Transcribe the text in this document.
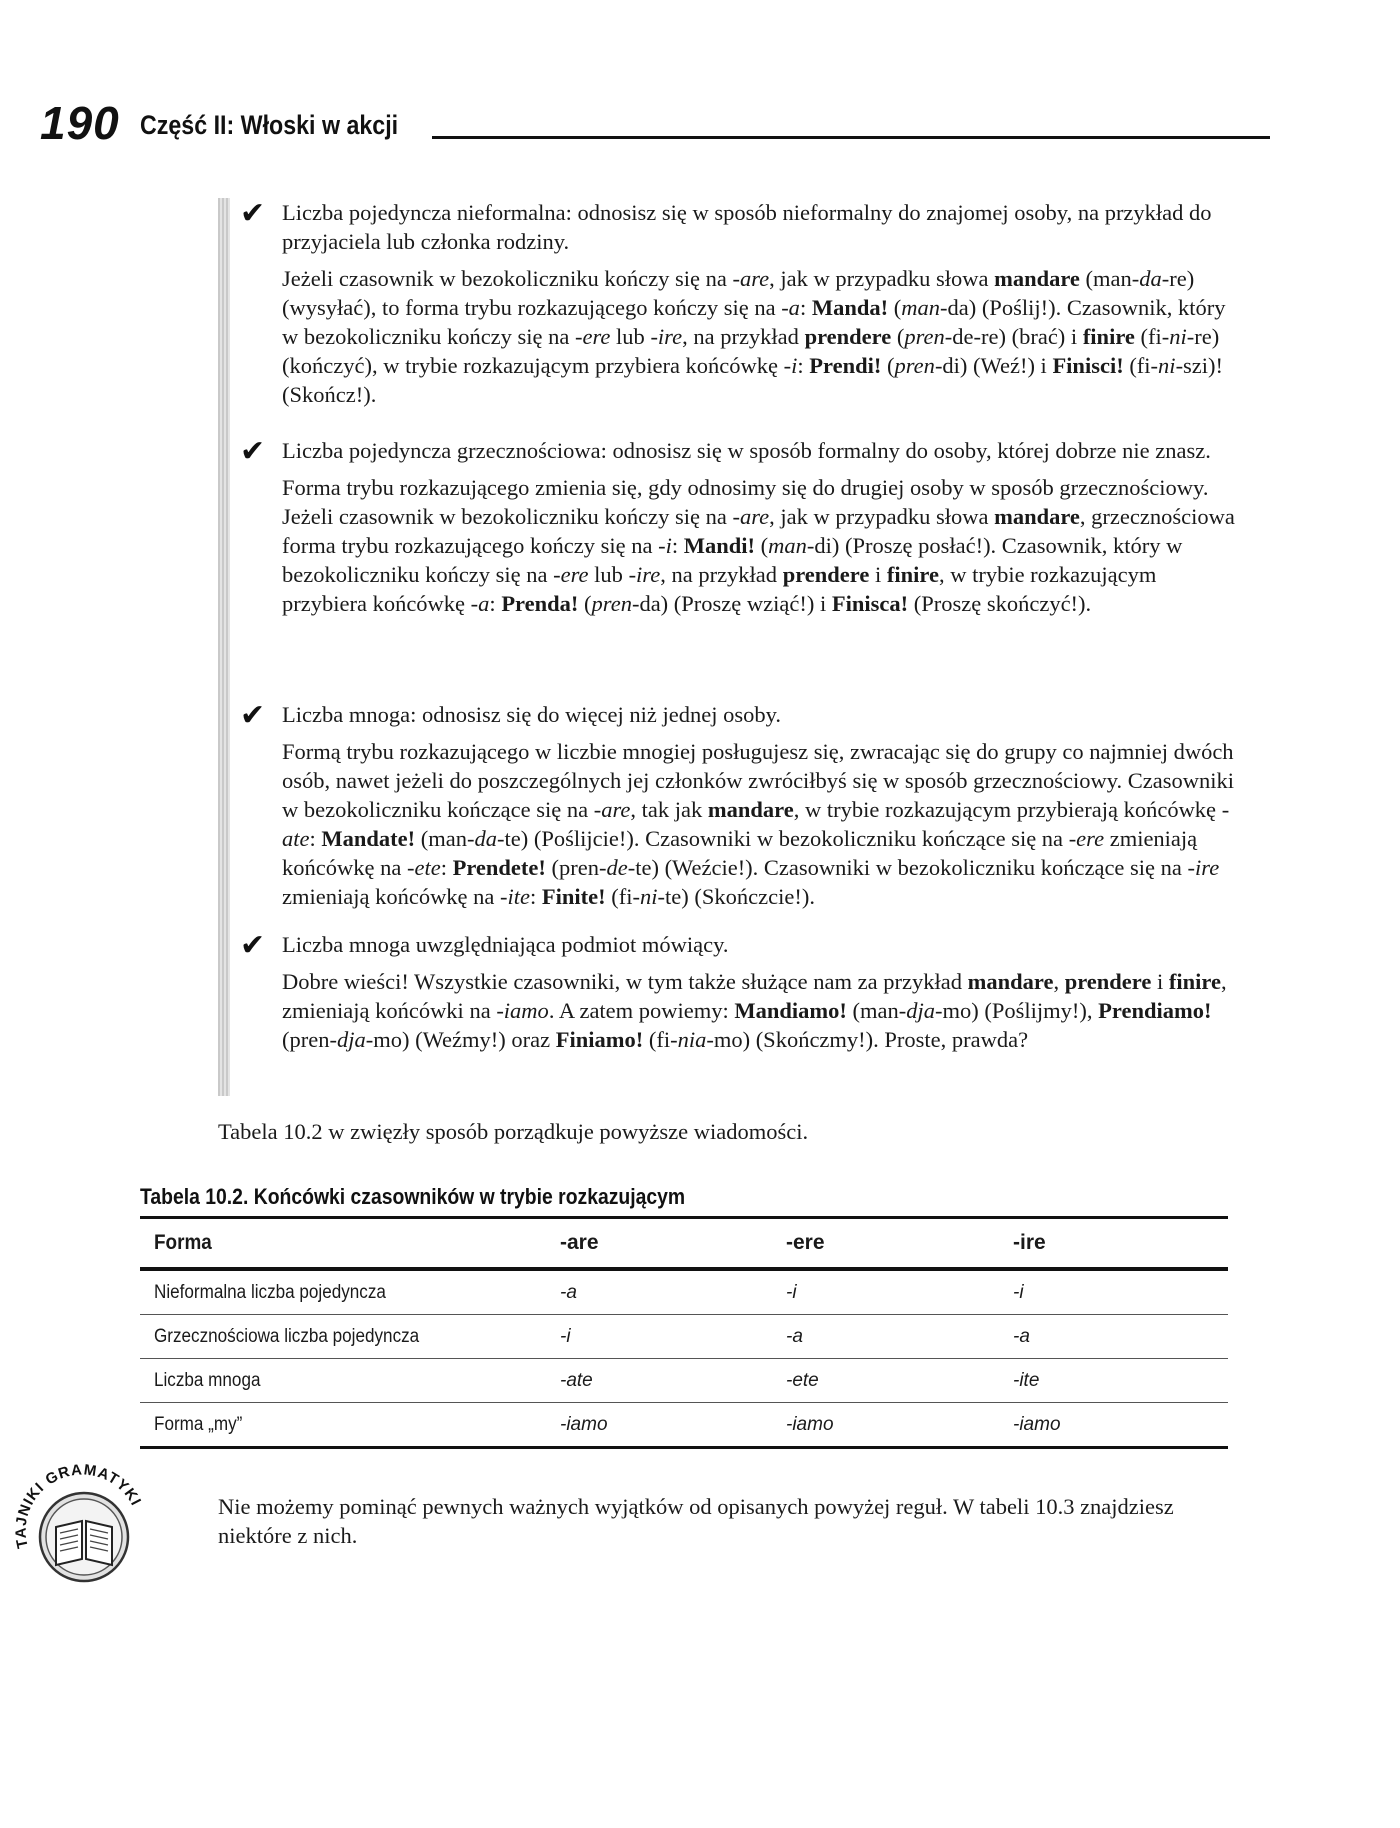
190 Część II: Włoski w akcji
✔ Liczba pojedyncza nieformalna: odnosisz się w sposób nieformalny do znajomej osoby, na przykład do przyjaciela lub członka rodziny.

Jeżeli czasownik w bezokoliczniku kończy się na -are, jak w przypadku słowa mandare (man-da-re) (wysyłać), to forma trybu rozkazującego kończy się na -a: Manda! (man-da) (Poślij!). Czasownik, który w bezokoliczniku kończy się na -ere lub -ire, na przykład prendere (pren-de-re) (brać) i finire (fi-ni-re) (kończyć), w trybie rozkazującym przybiera końcówkę -i: Prendi! (pren-di) (Weź!) i Finisci! (fi-ni-szi)! (Skończ!).

✔ Liczba pojedyncza grzecznościowa: odnosisz się w sposób formalny do osoby, której dobrze nie znasz.

Forma trybu rozkazującego zmienia się, gdy odnosimy się do drugiej osoby w sposób grzecznościowy. Jeżeli czasownik w bezokoliczniku kończy się na -are, jak w przypadku słowa mandare, grzecznościowa forma trybu rozkazującego kończy się na -i: Mandi! (man-di) (Proszę posłać!). Czasownik, który w bezokoliczniku kończy się na -ere lub -ire, na przykład prendere i finire, w trybie rozkazującym przybiera końcówkę -a: Prenda! (pren-da) (Proszę wziąć!) i Finisca! (Proszę skończyć!).

✔ Liczba mnoga: odnosisz się do więcej niż jednej osoby.

Formą trybu rozkazującego w liczbie mnogiej posługujesz się, zwracając się do grupy co najmniej dwóch osób, nawet jeżeli do poszczególnych jej członków zwróciłbyś się w sposób grzecznościowy. Czasowniki w bezokoliczniku kończące się na -are, tak jak mandare, w trybie rozkazującym przybierają końcówkę -ate: Mandate! (man-da-te) (Poślijcie!). Czasowniki w bezokoliczniku kończące się na -ere zmieniają końcówkę na -ete: Prendete! (pren-de-te) (Weźcie!). Czasowniki w bezokoliczniku kończące się na -ire zmieniają końcówkę na -ite: Finite! (fi-ni-te) (Skończcie!).

✔ Liczba mnoga uwzględniająca podmiot mówiący.

Dobre wieści! Wszystkie czasowniki, w tym także służące nam za przykład mandare, prendere i finire, zmieniają końcówki na -iamo. A zatem powiemy: Mandiamo! (man-dja-mo) (Poślijmy!), Prendiamo! (pren-dja-mo) (Weźmy!) oraz Finiamo! (fi-nia-mo) (Skończmy!). Proste, prawda?

Tabela 10.2 w zwięzły sposób porządkuje powyższe wiadomości.
Tabela 10.2. Końcówki czasowników w trybie rozkazującym
Forma	-are	-ere	-ire
Nieformalna liczba pojedyncza	-a	-i	-i
Grzecznościowa liczba pojedyncza	-i	-a	-a
Liczba mnoga	-ate	-ete	-ite
Forma „my”	-iamo	-iamo	-iamo
TAJNIKI GRAMATYKI	Nie możemy pominąć pewnych ważnych wyjątków od opisanych powyżej reguł. W tabeli 10.3 znajdziesz niektóre z nich.
